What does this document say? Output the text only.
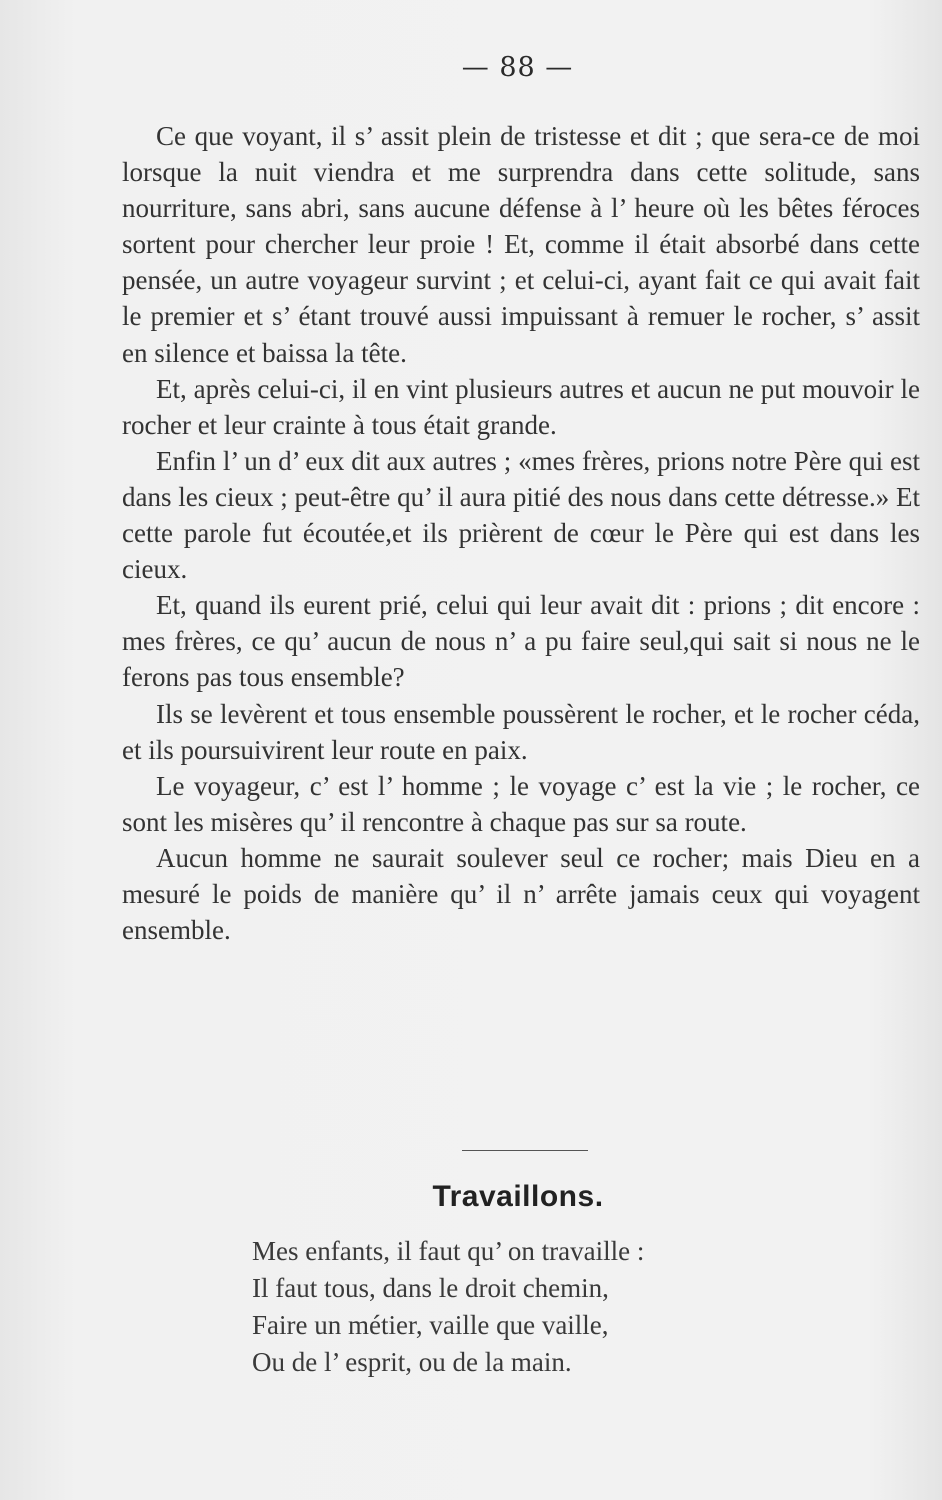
— 88 —

Ce que voyant, il s’ assit plein de tristesse et dit ; que sera-ce de moi lorsque la nuit viendra et me surprendra dans cette solitude, sans nourriture, sans abri, sans aucune défense à l’ heure où les bêtes féroces sortent pour chercher leur proie ! Et, comme il était absorbé dans cette pensée, un autre voyageur survint ; et celui-ci, ayant fait ce qui avait fait le premier et s’ étant trouvé aussi impuissant à remuer le rocher, s’ assit en silence et baissa la tête.

Et, après celui-ci, il en vint plusieurs autres et aucun ne put mouvoir le rocher et leur crainte à tous était grande.

Enfin l’ un d’ eux dit aux autres ; «mes frères, prions notre Père qui est dans les cieux ; peut-être qu’ il aura pitié des nous dans cette détresse.» Et cette parole fut écoutée,et ils prièrent de cœur le Père qui est dans les cieux.

Et, quand ils eurent prié, celui qui leur avait dit : prions ; dit encore : mes frères, ce qu’ aucun de nous n’ a pu faire seul,qui sait si nous ne le ferons pas tous ensemble?

Ils se levèrent et tous ensemble poussèrent le rocher, et le rocher céda, et ils poursuivirent leur route en paix.

Le voyageur, c’ est l’ homme ; le voyage c’ est la vie ; le rocher, ce sont les misères qu’ il rencontre à chaque pas sur sa route.

Aucun homme ne saurait soulever seul ce rocher; mais Dieu en a mesuré le poids de manière qu’ il n’ arrête jamais ceux qui voyagent ensemble.

Travaillons.
Mes enfants, il faut qu’ on travaille :
Il faut tous, dans le droit chemin,
Faire un métier, vaille que vaille,
Ou de l’ esprit, ou de la main.
